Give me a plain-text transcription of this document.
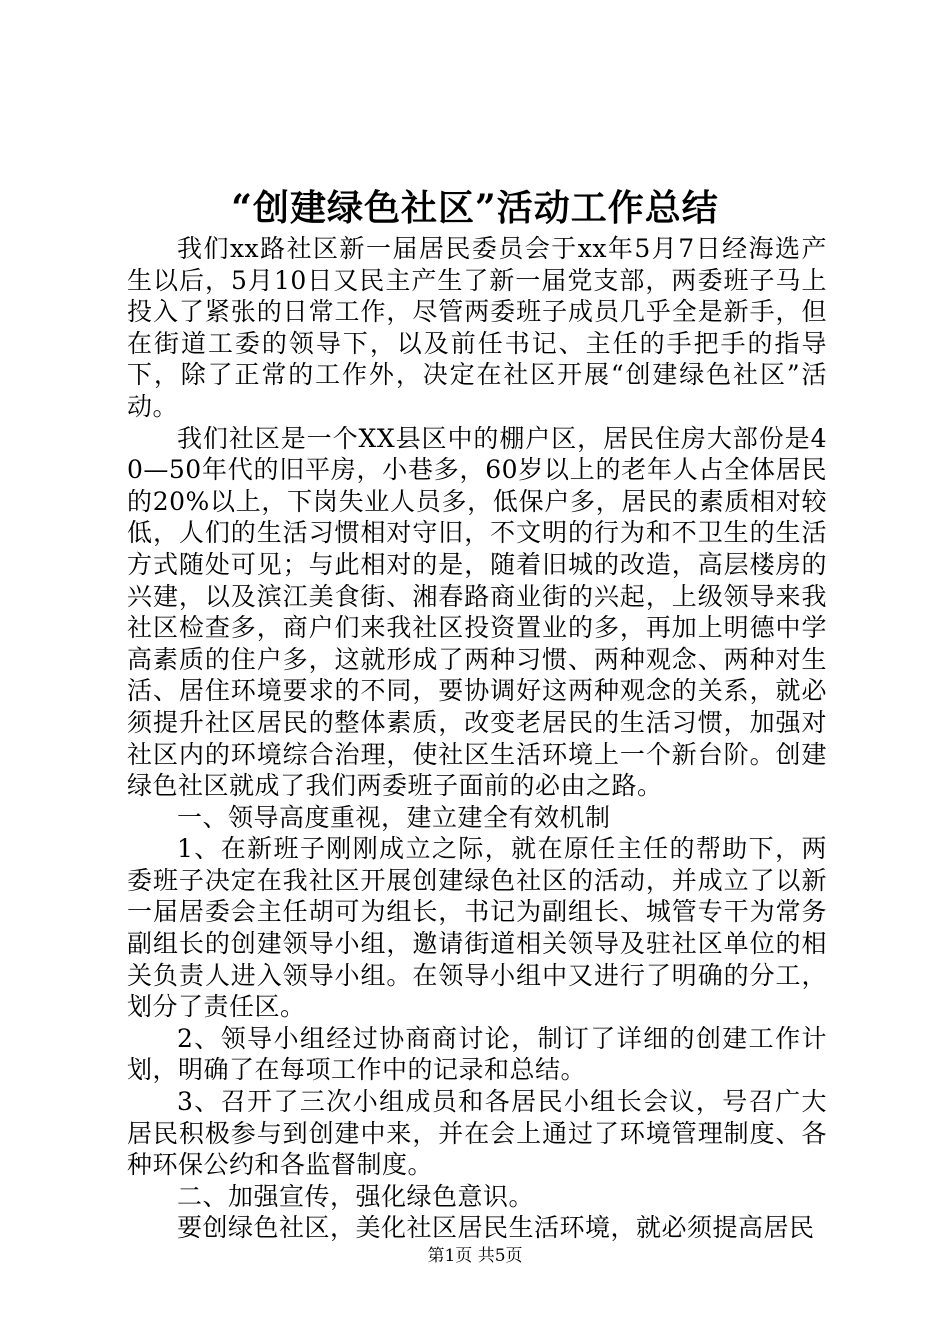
“创建绿色社区”活动工作总结

我们xx路社区新一届居民委员会于xx年5月7日经海选产生以后，5月10日又民主产生了新一届党支部，两委班子马上投入了紧张的日常工作，尽管两委班子成员几乎全是新手，但在街道工委的领导下，以及前任书记、主任的手把手的指导下，除了正常的工作外，决定在社区开展“创建绿色社区”活动。

我们社区是一个XX县区中的棚户区，居民住房大部份是40—50年代的旧平房，小巷多，60岁以上的老年人占全体居民的20%以上，下岗失业人员多，低保户多，居民的素质相对较低，人们的生活习惯相对守旧，不文明的行为和不卫生的生活方式随处可见；与此相对的是，随着旧城的改造，高层楼房的兴建，以及滨江美食街、湘春路商业街的兴起，上级领导来我社区检查多，商户们来我社区投资置业的多，再加上明德中学高素质的住户多，这就形成了两种习惯、两种观念、两种对生活、居住环境要求的不同，要协调好这两种观念的关系，就必须提升社区居民的整体素质，改变老居民的生活习惯，加强对社区内的环境综合治理，使社区生活环境上一个新台阶。创建绿色社区就成了我们两委班子面前的必由之路。

一、领导高度重视，建立建全有效机制

1、在新班子刚刚成立之际，就在原任主任的帮助下，两委班子决定在我社区开展创建绿色社区的活动，并成立了以新一届居委会主任胡可为组长，书记为副组长、城管专干为常务副组长的创建领导小组，邀请街道相关领导及驻社区单位的相关负责人进入领导小组。在领导小组中又进行了明确的分工，划分了责任区。

2、领导小组经过协商商讨论，制订了详细的创建工作计划，明确了在每项工作中的记录和总结。

3、召开了三次小组成员和各居民小组长会议，号召广大居民积极参与到创建中来，并在会上通过了环境管理制度、各种环保公约和各监督制度。

二、加强宣传，强化绿色意识。

要创绿色社区，美化社区居民生活环境，就必须提高居民

第1页 共5页
